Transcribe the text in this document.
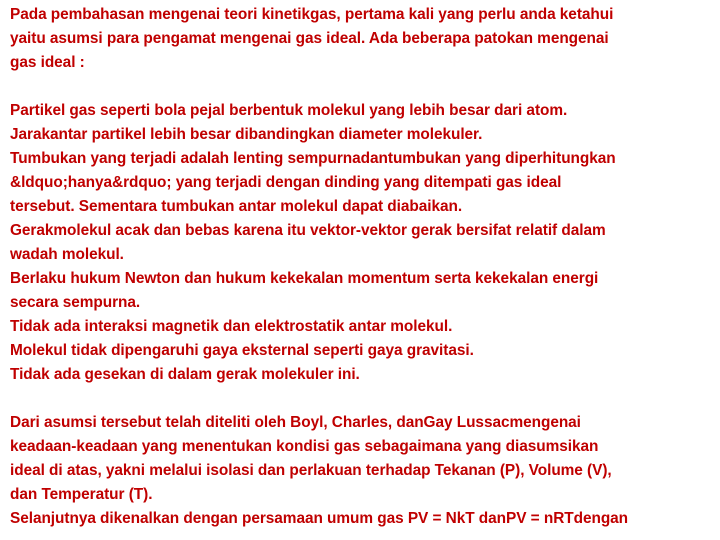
Pada pembahasan mengenai teori kinetikgas, pertama kali yang perlu anda ketahui
yaitu asumsi para pengamat mengenai gas ideal. Ada beberapa patokan mengenai
gas ideal :
Partikel gas seperti bola pejal berbentuk molekul yang lebih besar dari atom.
Jarakantar partikel lebih besar dibandingkan diameter molekuler.
Tumbukan yang terjadi adalah lenting sempurnadantumbukan yang diperhitungkan
&ldquo;hanya&rdquo; yang terjadi dengan dinding yang ditempati gas ideal
tersebut. Sementara tumbukan antar molekul dapat diabaikan.
Gerakmolekul acak dan bebas karena itu vektor-vektor gerak bersifat relatif dalam
wadah molekul.
Berlaku hukum Newton dan hukum kekekalan momentum serta kekekalan energi
secara sempurna.
Tidak ada interaksi magnetik dan elektrostatik antar molekul.
Molekul tidak dipengaruhi gaya eksternal seperti gaya gravitasi.
Tidak ada gesekan di dalam gerak molekuler ini.
Dari asumsi tersebut telah diteliti oleh Boyl, Charles, danGay Lussacmengenai
keadaan-keadaan yang menentukan kondisi gas sebagaimana yang diasumsikan
ideal di atas, yakni melalui isolasi dan perlakuan terhadap Tekanan (P), Volume (V),
dan Temperatur (T).
Selanjutnya dikenalkan dengan persamaan umum gas PV = NkT danPV = nRTdengan
